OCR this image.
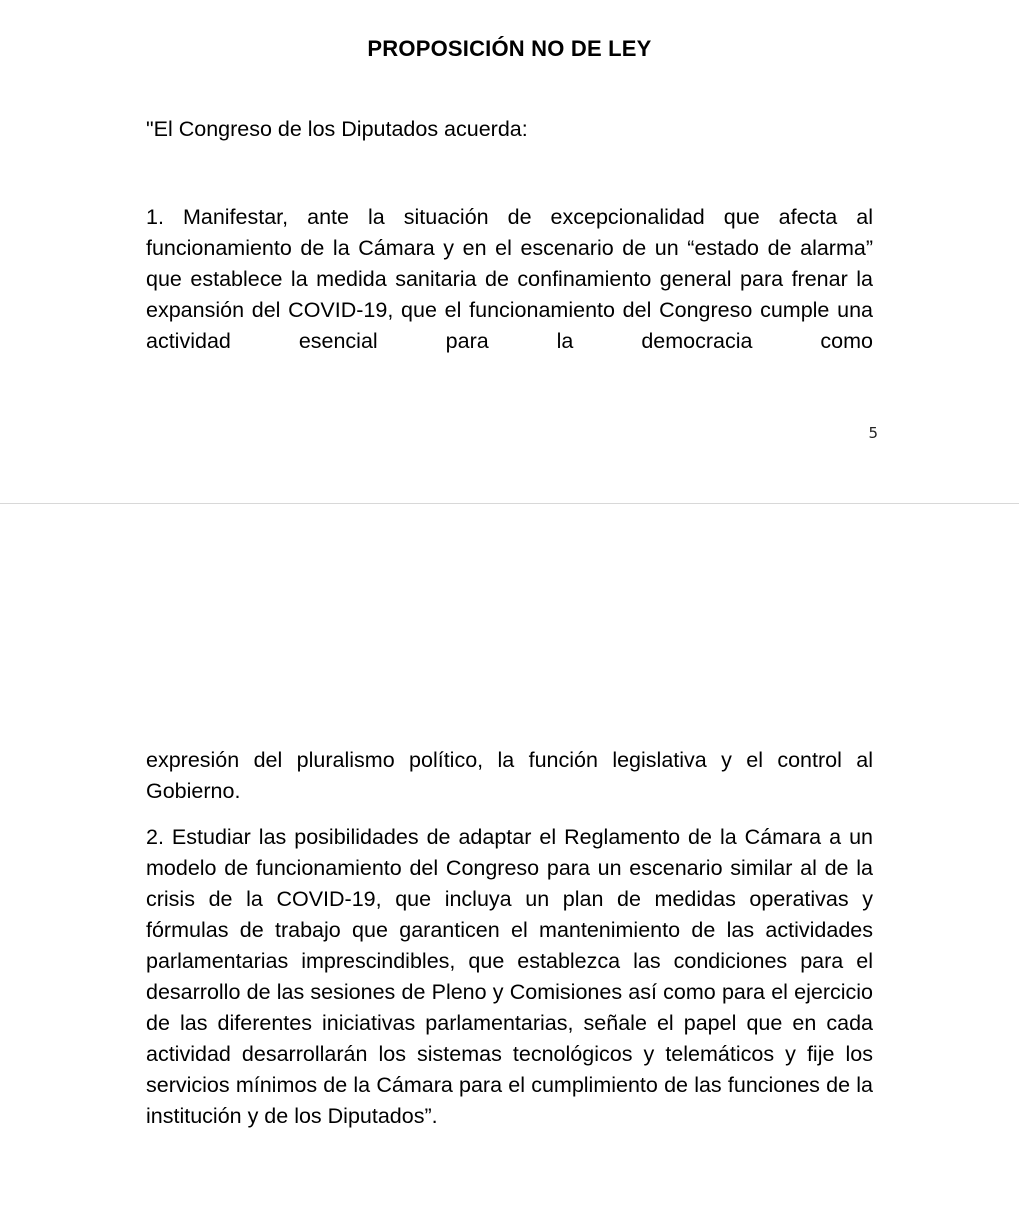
PROPOSICIÓN NO DE LEY
"El Congreso de los Diputados acuerda:
1. Manifestar, ante la situación de excepcionalidad que afecta al funcionamiento de la Cámara y en el escenario de un “estado de alarma” que establece la medida sanitaria de confinamiento general para frenar la expansión del COVID-19, que el funcionamiento del Congreso cumple una actividad esencial para la democracia como
5
expresión del pluralismo político, la función legislativa y el control al Gobierno.
2. Estudiar las posibilidades de adaptar el Reglamento de la Cámara a un modelo de funcionamiento del Congreso para un escenario similar al de la crisis de la COVID-19, que incluya un plan de medidas operativas y fórmulas de trabajo que garanticen el mantenimiento de las actividades parlamentarias imprescindibles, que establezca las condiciones para el desarrollo de las sesiones de Pleno y Comisiones así como para el ejercicio de las diferentes iniciativas parlamentarias, señale el papel que en cada actividad desarrollarán los sistemas tecnológicos y telemáticos y fije los servicios mínimos de la Cámara para el cumplimiento de las funciones de la institución y de los Diputados”.
